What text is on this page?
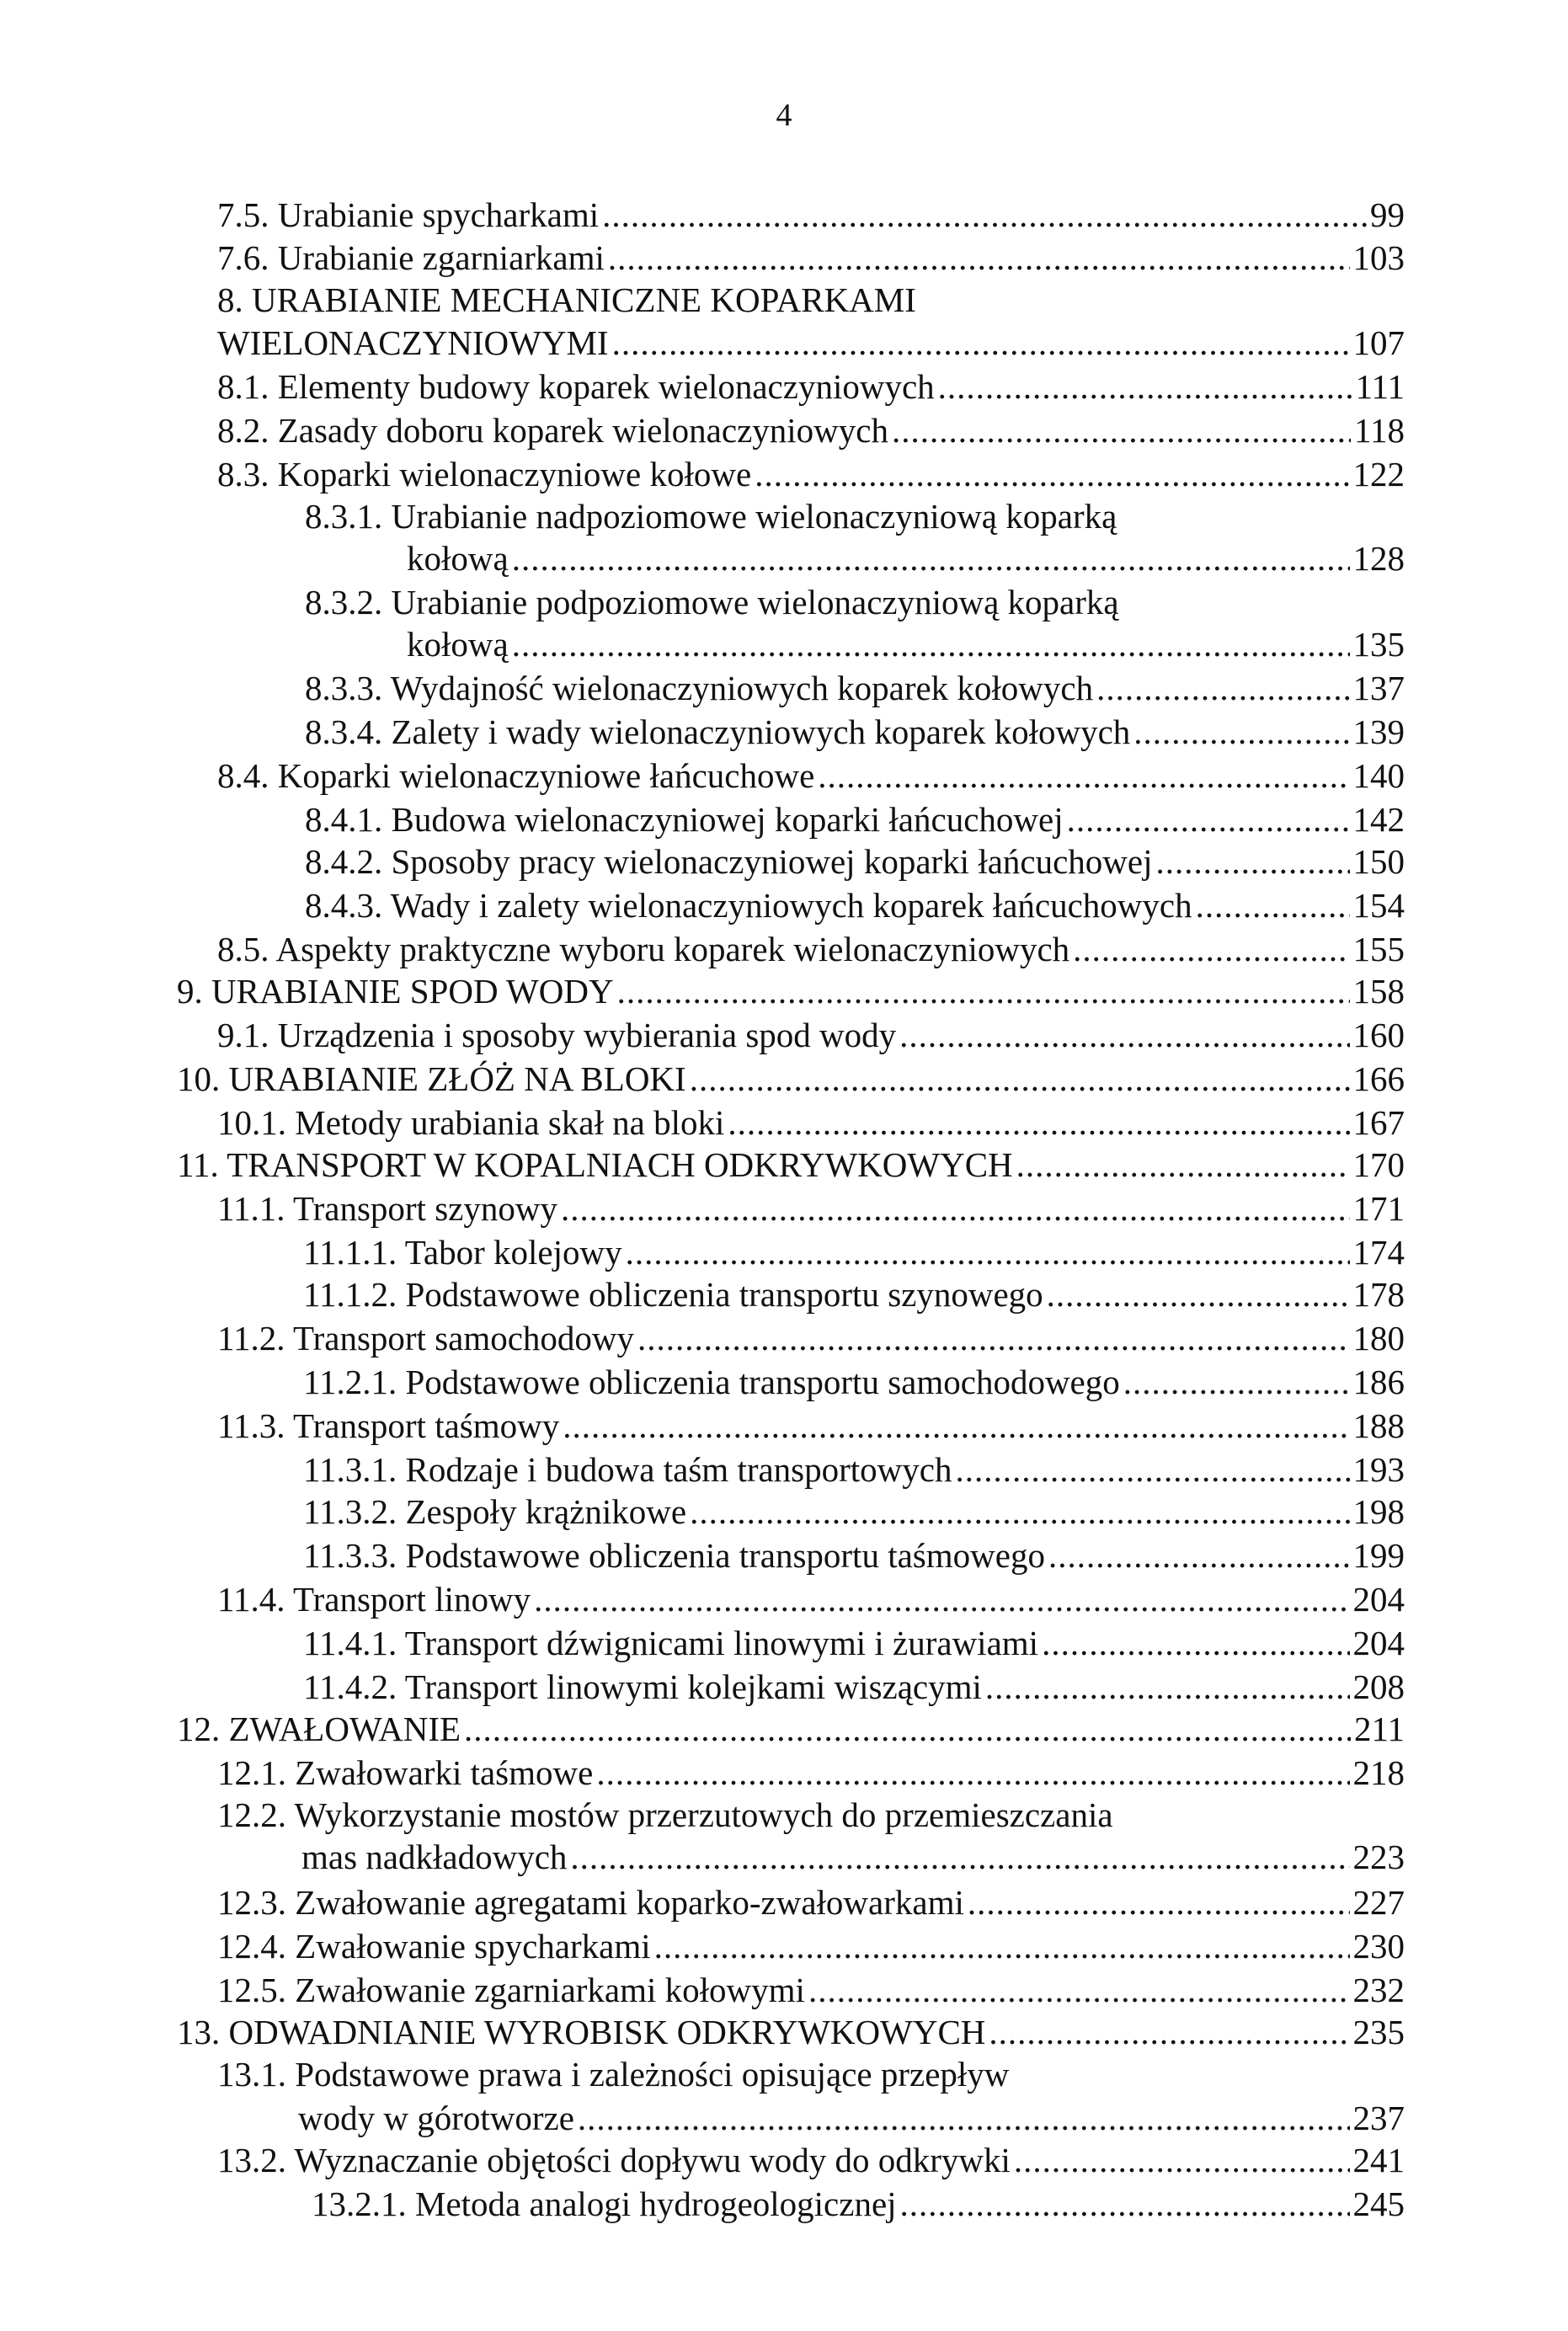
4
7.5. Urabianie spycharkami .....	99
7.6. Urabianie zgarniarkami .....	103
8. URABIANIE MECHANICZNE KOPARKAMI
WIELONACZYNIOWYMI .....	107
8.1. Elementy budowy koparek wielonaczyniowych .....	111
8.2. Zasady doboru koparek wielonaczyniowych .....	118
8.3. Koparki wielonaczyniowe kołowe .....	122
8.3.1. Urabianie nadpoziomowe wielonaczyniową koparką
kołową .....	128
8.3.2. Urabianie podpoziomowe wielonaczyniową koparką
kołową .....	135
8.3.3. Wydajność wielonaczyniowych koparek kołowych .....	137
8.3.4. Zalety i wady wielonaczyniowych koparek kołowych .....	139
8.4. Koparki wielonaczyniowe łańcuchowe .....	140
8.4.1. Budowa wielonaczyniowej koparki łańcuchowej .....	142
8.4.2. Sposoby pracy wielonaczyniowej koparki łańcuchowej .....	150
8.4.3. Wady i zalety wielonaczyniowych koparek łańcuchowych .....	154
8.5. Aspekty praktyczne wyboru koparek wielonaczyniowych .....	155
9. URABIANIE SPOD WODY .....	158
9.1. Urządzenia i sposoby wybierania spod wody .....	160
10. URABIANIE ZŁÓŻ NA BLOKI .....	166
10.1. Metody urabiania skał na bloki .....	167
11. TRANSPORT W KOPALNIACH ODKRYWKOWYCH .....	170
11.1. Transport szynowy .....	171
11.1.1. Tabor kolejowy .....	174
11.1.2. Podstawowe obliczenia transportu szynowego .....	178
11.2. Transport samochodowy .....	180
11.2.1. Podstawowe obliczenia transportu samochodowego .....	186
11.3. Transport taśmowy .....	188
11.3.1. Rodzaje i budowa taśm transportowych .....	193
11.3.2. Zespoły krążnikowe .....	198
11.3.3. Podstawowe obliczenia transportu taśmowego .....	199
11.4. Transport linowy .....	204
11.4.1. Transport dźwignicami linowymi i żurawiami .....	204
11.4.2. Transport linowymi kolejkami wiszącymi .....	208
12. ZWAŁOWANIE .....	211
12.1. Zwałowarki taśmowe .....	218
12.2. Wykorzystanie mostów przerzutowych do przemieszczania
mas nadkładowych .....	223
12.3. Zwałowanie agregatami koparko-zwałowarkami .....	227
12.4. Zwałowanie spycharkami .....	230
12.5. Zwałowanie zgarniarkami kołowymi .....	232
13. ODWADNIANIE WYROBISK ODKRYWKOWYCH .....	235
13.1. Podstawowe prawa i zależności opisujące przepływ
wody w górotworze .....	237
13.2. Wyznaczanie objętości dopływu wody do odkrywki .....	241
13.2.1. Metoda analogi hydrogeologicznej .....	245
